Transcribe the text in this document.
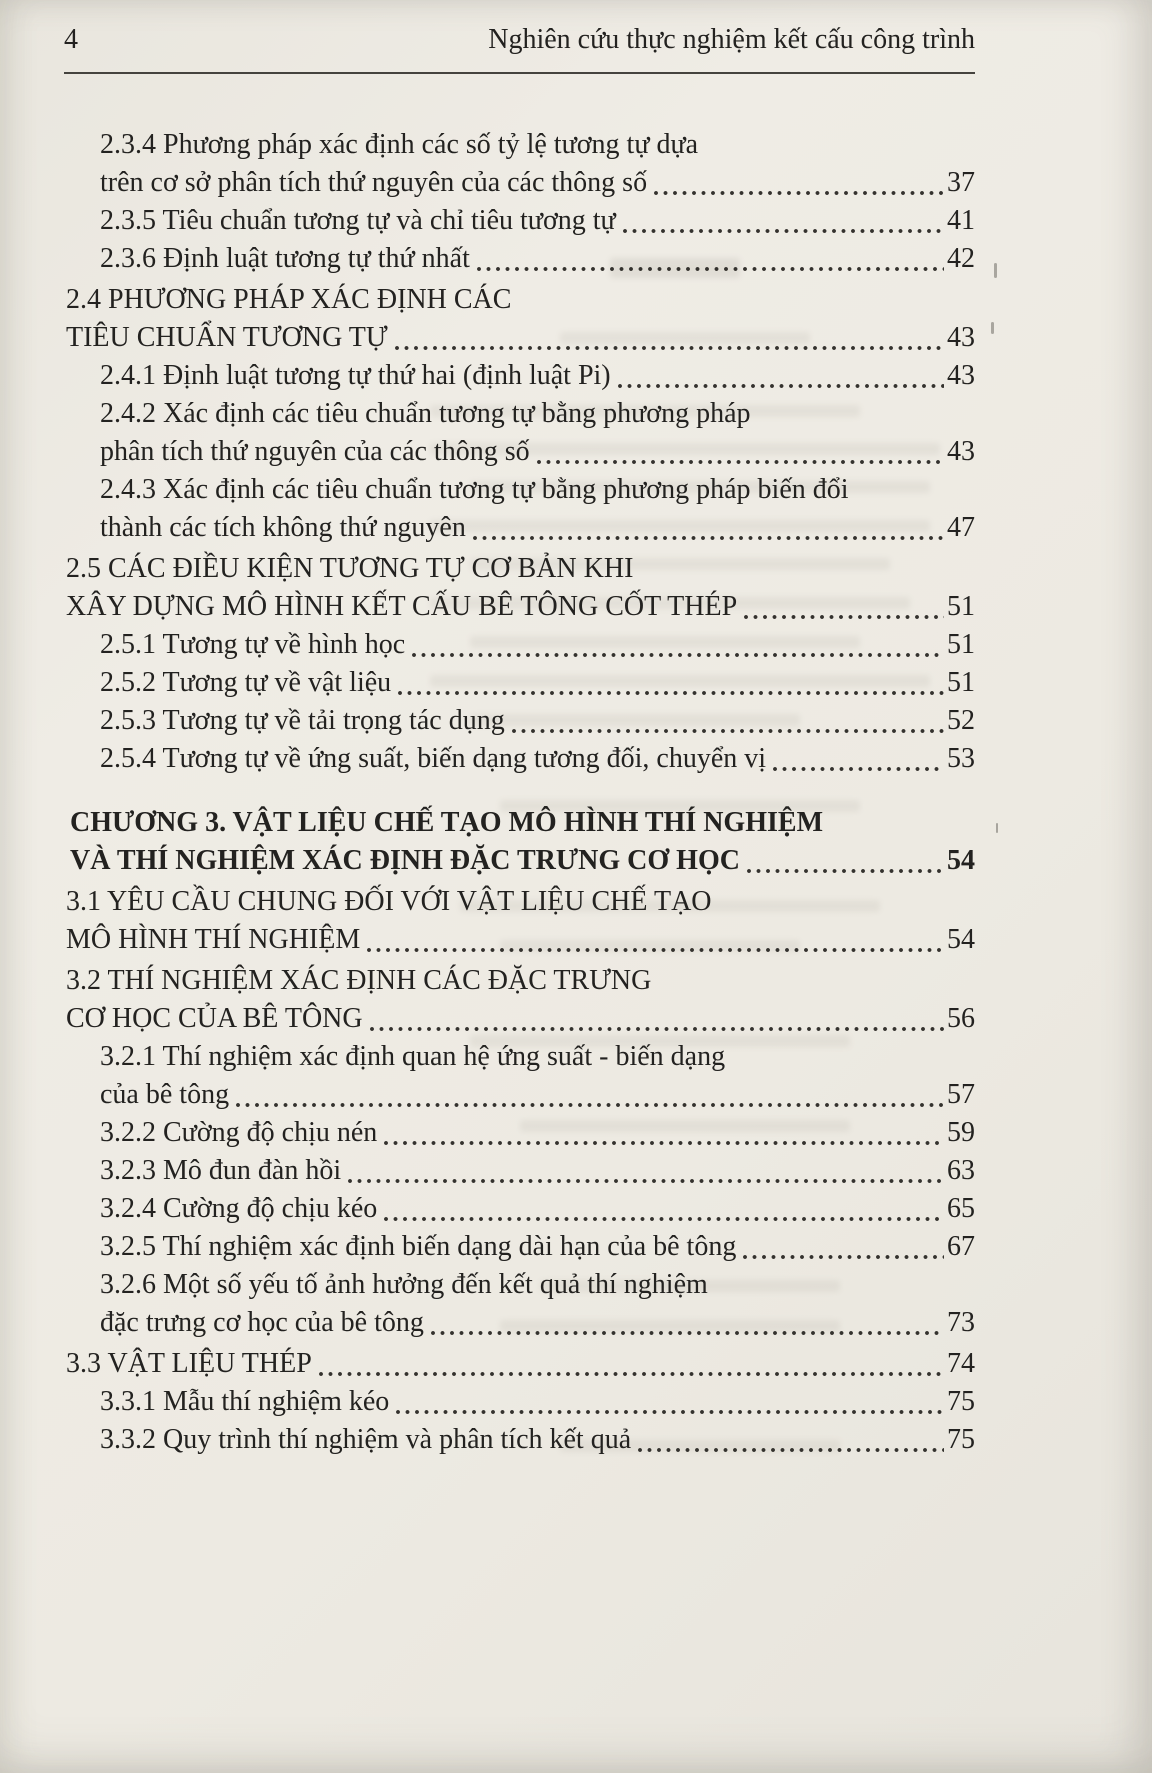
4	Nghiên cứu thực nghiệm kết cấu công trình
2.3.4 Phương pháp xác định các số tỷ lệ tương tự dựa
trên cơ sở phân tích thứ nguyên của các thông số	37
2.3.5 Tiêu chuẩn tương tự và chỉ tiêu tương tự	41
2.3.6 Định luật tương tự thứ nhất	42
2.4 PHƯƠNG PHÁP XÁC ĐỊNH CÁC
TIÊU CHUẨN TƯƠNG TỰ	43
2.4.1 Định luật tương tự thứ hai (định luật Pi)	43
2.4.2 Xác định các tiêu chuẩn tương tự bằng phương pháp
phân tích thứ nguyên của các thông số	43
2.4.3 Xác định các tiêu chuẩn tương tự bằng phương pháp biến đổi
thành các tích không thứ nguyên	47
2.5 CÁC ĐIỀU KIỆN TƯƠNG TỰ CƠ BẢN KHI
XÂY DỰNG MÔ HÌNH KẾT CẤU BÊ TÔNG CỐT THÉP	51
2.5.1 Tương tự về hình học	51
2.5.2 Tương tự về vật liệu	51
2.5.3 Tương tự về tải trọng tác dụng	52
2.5.4 Tương tự về ứng suất, biến dạng tương đối, chuyển vị	53
CHƯƠNG 3. VẬT LIỆU CHẾ TẠO MÔ HÌNH THÍ NGHIỆM
VÀ THÍ NGHIỆM XÁC ĐỊNH ĐẶC TRƯNG CƠ HỌC	54
3.1 YÊU CẦU CHUNG ĐỐI VỚI VẬT LIỆU CHẾ TẠO
MÔ HÌNH THÍ NGHIỆM	54
3.2 THÍ NGHIỆM XÁC ĐỊNH CÁC ĐẶC TRƯNG
CƠ HỌC CỦA BÊ TÔNG	56
3.2.1 Thí nghiệm xác định quan hệ ứng suất - biến dạng
của bê tông	57
3.2.2 Cường độ chịu nén	59
3.2.3 Mô đun đàn hồi	63
3.2.4 Cường độ chịu kéo	65
3.2.5 Thí nghiệm xác định biến dạng dài hạn của bê tông	67
3.2.6 Một số yếu tố ảnh hưởng đến kết quả thí nghiệm
đặc trưng cơ học của bê tông	73
3.3 VẬT LIỆU THÉP	74
3.3.1 Mẫu thí nghiệm kéo	75
3.3.2 Quy trình thí nghiệm và phân tích kết quả	75
